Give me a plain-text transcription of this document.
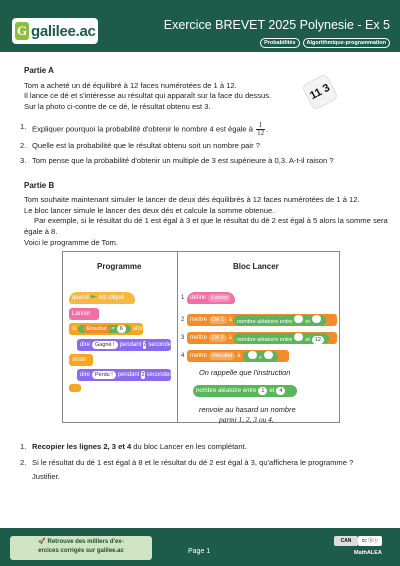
G galilee.ac	Exercice BREVET 2025 Polynesie - Ex 5
Probabilités	Algorithmique-programmation
11 3
Partie A
Tom a acheté un dé équilibré à 12 faces numérotées de 1 à 12.
Il lance ce dé et s'intéresse au résultat qui apparaît sur la face du dessus.
Sur la photo ci-contre de ce dé, le résultat obtenu est 3.
1. Expliquer pourquoi la probabilité d'obtenir le nombre 4 est égale à $\frac{1}{12}$ .
2. Quelle est la probabilité que le résultat obtenu soit un nombre pair ?
3. Tom pense que la probabilité d'obtenir un multiple de 3 est supérieure à 0,3. A-t-il raison ?
Partie B
Tom souhaite maintenant simuler le lancer de deux dés équilibrés à 12 faces numérotées de 1 à 12.
Le bloc lancer simule le lancer des deux dés et calcule la somme obtenue.
Par exemple, si le résultat du dé 1 est égal à 3 et que le résultat du dé 2 est égal à 5 alors la somme sera égale à 8.
Voici le programme de Tom.
Programme	Bloc Lancer
quand est cliqué
Lancer
si	Résultat = 6	alors
dire Gagné ! pendant 2 secondes
sinon
dire Perdu ! pendant 2 secondes
1 définir Lancer
2 mettre Dé 1 à nombre aléatoire entre et
3 mettre Dé 2 à nombre aléatoire entre et 12
4 mettre Résultat à	+
On rappelle que l'instruction
nombre aléatoire entre 1 et 4
renvoie au hasard un nombre
parmi 1, 2, 3 ou 4.
1. Recopier les lignes 2, 3 et 4 du bloc Lancer en les complétant.
2. Si le résultat du dé 1 est égal à 8 et le résultat du dé 2 est égal à 3, qu'affichera le programme ?
Justifier.
🚀 Retrouve des milliers d'ex-
ercices corrigés sur galilee.ac	Page 1
CAN	cc ⓑⓢ
MathALEA
